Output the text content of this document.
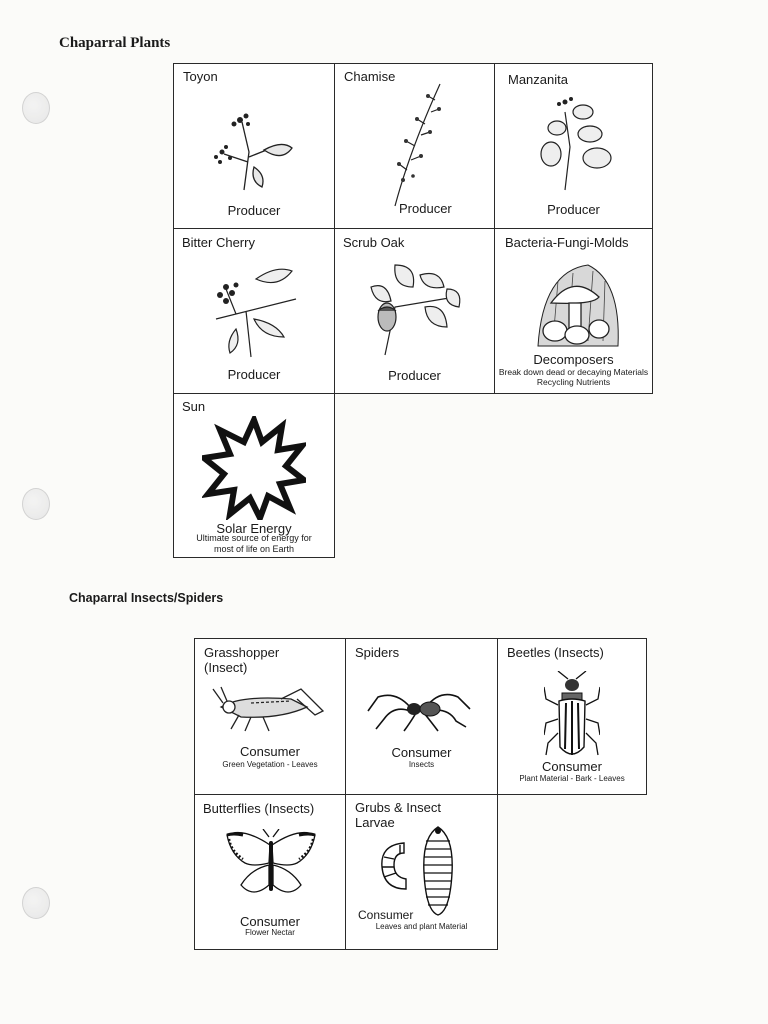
Chaparral Plants
Toyon
Producer
Chamise
Producer
Manzanita
Producer
Bitter Cherry
Producer
Scrub Oak
Producer
Bacteria-Fungi-Molds
Decomposers
Break down dead or decaying Materials
Recycling Nutrients
Sun
Solar Energy
Ultimate source of energy for
most of life on Earth
Chaparral Insects/Spiders
Grasshopper
(Insect)
Consumer
Green Vegetation - Leaves
Spiders
Consumer
Insects
Beetles (Insects)
Consumer
Plant Material - Bark - Leaves
Butterflies (Insects)
Consumer
Flower Nectar
Grubs & Insect
Larvae
Consumer
Leaves and plant Material
